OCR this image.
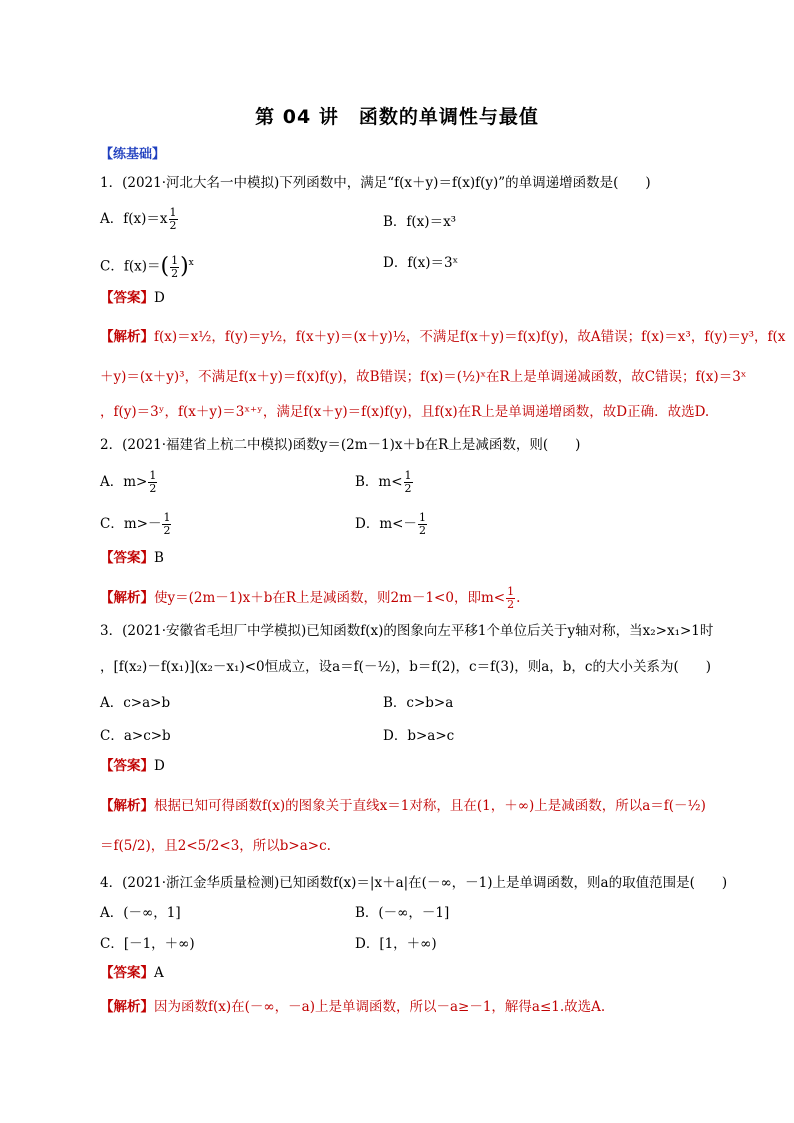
第 04 讲　函数的单调性与最值
【练基础】
1．(2021·河北大名一中模拟)下列函数中，满足“f(x＋y)＝f(x)f(y)”的单调递增函数是(　　)
A．$f(x)=x \frac{1}{2}$	B．f(x)＝x³
C．$f(x)=( \frac{1}{2} )^x$	D．f(x)＝3ˣ
【答案】D
【解析】f(x)＝x½，f(y)＝y½，f(x＋y)＝(x＋y)½，不满足f(x＋y)＝f(x)f(y)，故A错误；f(x)＝x³，f(y)＝y³，f(x
＋y)＝(x＋y)³，不满足f(x＋y)＝f(x)f(y)，故B错误；f(x)＝(½)ˣ在R上是单调递减函数，故C错误；f(x)＝3ˣ
，f(y)＝3ʸ，f(x＋y)＝3ˣ⁺ʸ，满足f(x＋y)＝f(x)f(y)，且f(x)在R上是单调递增函数，故D正确．故选D.
2．(2021·福建省上杭二中模拟)函数y＝(2m－1)x＋b在R上是减函数，则(　　)
A．$m> \frac{1}{2}$	B．$m< \frac{1}{2}$
C．$m>- \frac{1}{2}$	D．$m<- \frac{1}{2}$
【答案】B
【解析】使y＝(2m－1)x＋b在R上是减函数，则2m－1<0，即$m< \frac{1}{2}$ .
3．(2021·安徽省毛坦厂中学模拟)已知函数f(x)的图象向左平移1个单位后关于y轴对称，当x₂>x₁>1时
，[f(x₂)－f(x₁)](x₂－x₁)<0恒成立，设a＝f(－½)，b＝f(2)，c＝f(3)，则a，b，c的大小关系为(　　)
A．c>a>b	B．c>b>a
C．a>c>b	D．b>a>c
【答案】D
【解析】根据已知可得函数f(x)的图象关于直线x＝1对称，且在(1，＋∞)上是减函数，所以a＝f(－½)
＝f(5/2)，且2<5/2<3，所以b>a>c.
4．(2021·浙江金华质量检测)已知函数f(x)＝|x＋a|在(－∞，－1)上是单调函数，则a的取值范围是(　　)
A．(－∞，1]	B．(－∞，－1]
C．[－1，＋∞)	D．[1，＋∞)
【答案】A
【解析】因为函数f(x)在(－∞，－a)上是单调函数，所以－a≥－1，解得a≤1.故选A.
